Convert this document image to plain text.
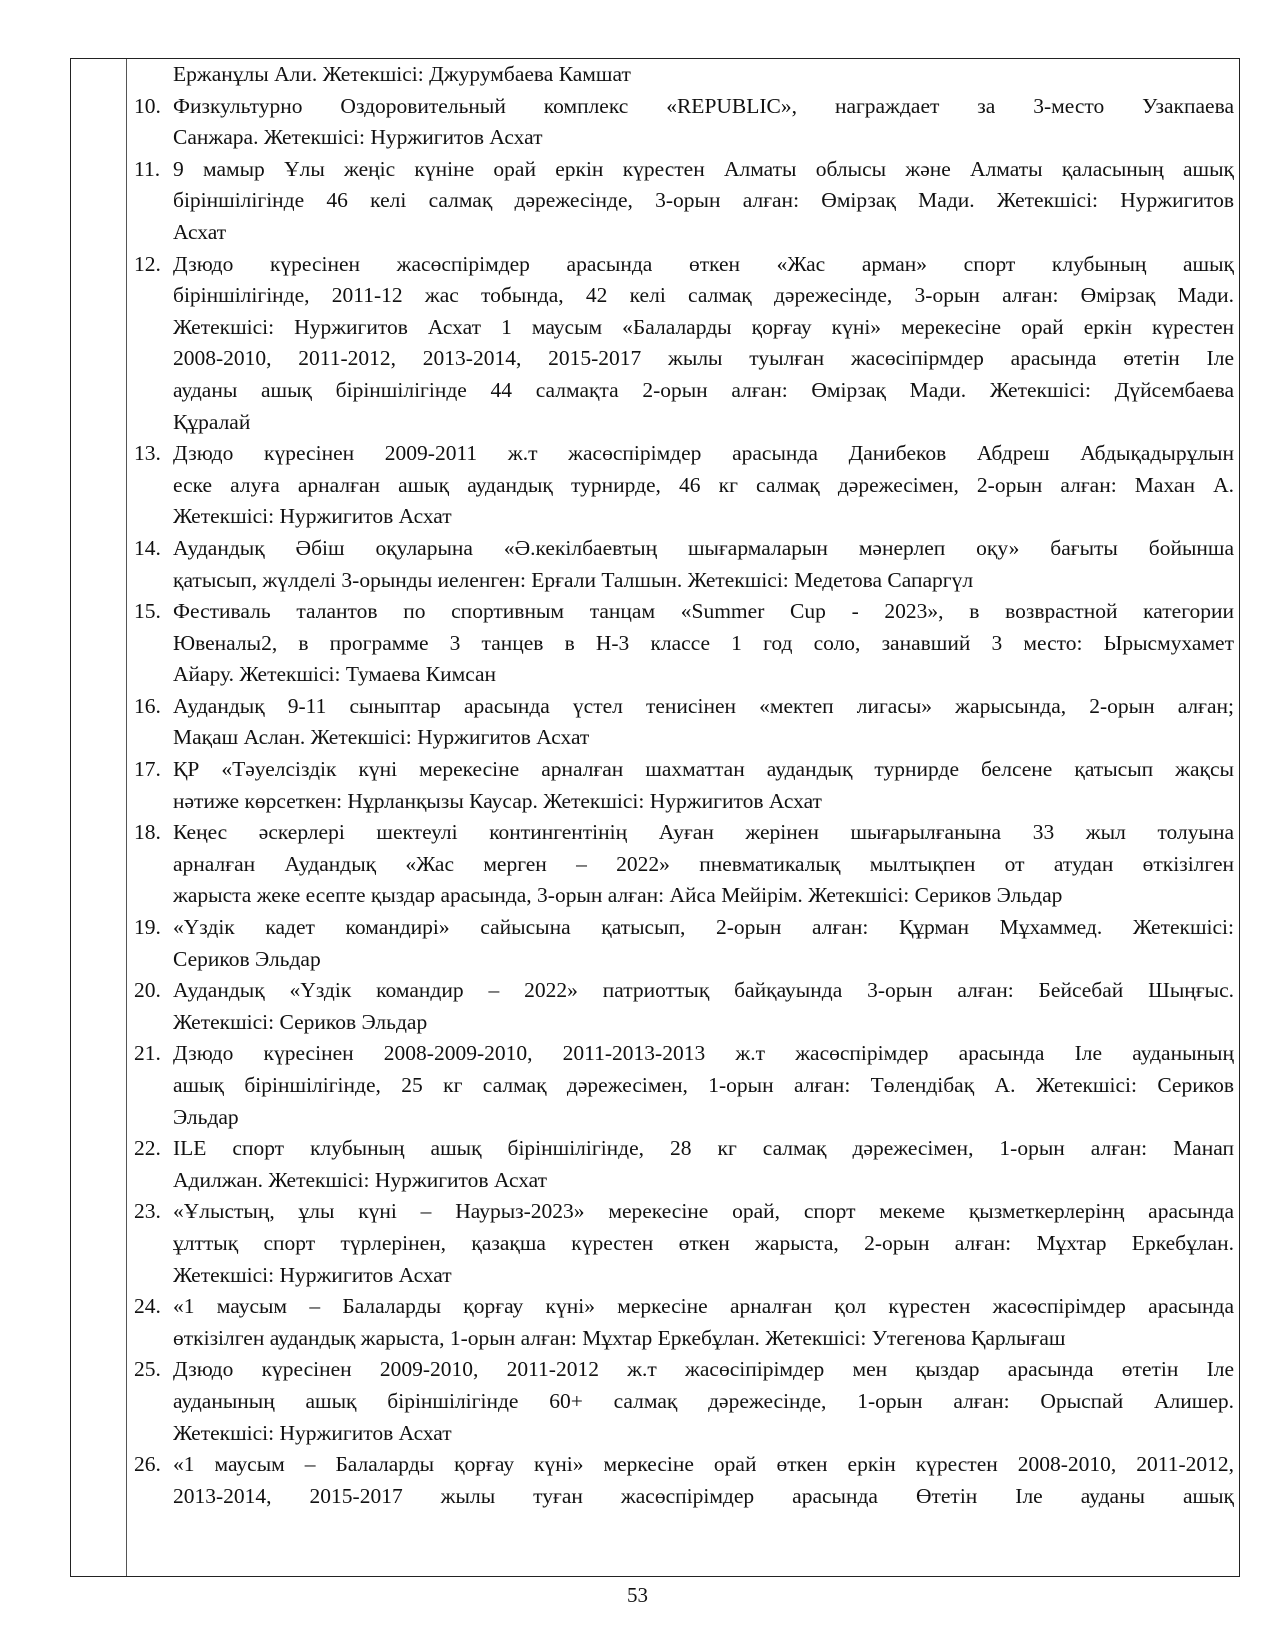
Ержанұлы Али. Жетекшісі: Джурумбаева Камшат
10. Физкультурно Оздоровительный комплекс «REPUBLIC», награждает за 3-место Узакпаева
Санжара. Жетекшісі: Нуржигитов Асхат
11. 9 мамыр Ұлы жеңіс күніне орай еркін күрестен Алматы облысы және Алматы қаласының ашық
біріншілігінде 46 келі салмақ дәрежесінде, 3-орын алған: Өмірзақ Мади. Жетекшісі: Нуржигитов
Асхат
12. Дзюдо күресінен жасөспірімдер арасында өткен «Жас арман» спорт клубының ашық
біріншілігінде, 2011-12 жас тобында, 42 келі салмақ дәрежесінде, 3-орын алған: Өмірзақ Мади.
Жетекшісі: Нуржигитов Асхат 1 маусым «Балаларды қорғау күні» мерекесіне орай еркін күрестен
2008-2010, 2011-2012, 2013-2014, 2015-2017 жылы туылған жасөсіпірмдер арасында өтетін Іле
ауданы ашық біріншілігінде 44 салмақта 2-орын алған: Өмірзақ Мади. Жетекшісі: Дүйсембаева
Құралай
13. Дзюдо күресінен 2009-2011 ж.т жасөспірімдер арасында Данибеков Абдреш Абдықадырұлын
еске алуға арналған ашық аудандық турнирде, 46 кг салмақ дәрежесімен, 2-орын алған: Махан А.
Жетекшісі: Нуржигитов Асхат
14. Аудандық Әбіш оқуларына «Ә.кекілбаевтың шығармаларын мәнерлеп оқу» бағыты бойынша
қатысып, жүлделі 3-орынды иеленген: Ерғали Талшын. Жетекшісі: Медетова Сапаргүл
15. Фестиваль талантов по спортивным танцам «Summer Cup - 2023», в возврастной категории
Ювеналы2, в программе 3 танцев в Н-3 классе 1 год соло, занавший 3 место: Ырысмухамет
Айару. Жетекшісі: Тумаева Кимсан
16. Аудандық 9-11 сыныптар арасында үстел тенисінен «мектеп лигасы» жарысында, 2-орын алған;
Мақаш Аслан. Жетекшісі: Нуржигитов Асхат
17. ҚР «Тәуелсіздік күні мерекесіне арналған шахматтан аудандық турнирде белсене қатысып жақсы
нәтиже көрсеткен: Нұрланқызы Каусар. Жетекшісі: Нуржигитов Асхат
18. Кеңес әскерлері шектеулі контингентінің Ауған жерінен шығарылғанына 33 жыл толуына
арналған Аудандық «Жас мерген – 2022» пневматикалық мылтықпен от атудан өткізілген
жарыста жеке есепте қыздар арасында, 3-орын алған: Айса Мейірім. Жетекшісі: Сериков Эльдар
19. «Үздік кадет командирі» сайысына қатысып, 2-орын алған: Құрман Мұхаммед. Жетекшісі:
Сериков Эльдар
20. Аудандық «Үздік командир – 2022» патриоттық байқауында 3-орын алған: Бейсебай Шыңғыс.
Жетекшісі: Сериков Эльдар
21. Дзюдо күресінен 2008-2009-2010, 2011-2013-2013 ж.т жасөспірімдер арасында Іле ауданының
ашық біріншілігінде, 25 кг салмақ дәрежесімен, 1-орын алған: Төлендібақ А. Жетекшісі: Сериков
Эльдар
22. ILE спорт клубының ашық біріншілігінде, 28 кг салмақ дәрежесімен, 1-орын алған: Манап
Адилжан. Жетекшісі: Нуржигитов Асхат
23. «Ұлыстың, ұлы күні – Наурыз-2023» мерекесіне орай, спорт мекеме қызметкерлерінң арасында
ұлттық спорт түрлерінен, қазақша күрестен өткен жарыста, 2-орын алған: Мұхтар Еркебұлан.
Жетекшісі: Нуржигитов Асхат
24. «1 маусым – Балаларды қорғау күні» меркесіне арналған қол күрестен жасөспірімдер арасында
өткізілген аудандық жарыста, 1-орын алған: Мұхтар Еркебұлан. Жетекшісі: Утегенова Қарлығаш
25. Дзюдо күресінен 2009-2010, 2011-2012 ж.т жасөсіпірімдер мен қыздар арасында өтетін Іле
ауданының ашық біріншілігінде 60+ салмақ дәрежесінде, 1-орын алған: Орыспай Алишер.
Жетекшісі: Нуржигитов Асхат
26. «1 маусым – Балаларды қорғау күні» меркесіне орай өткен еркін күрестен 2008-2010, 2011-2012,
2013-2014, 2015-2017 жылы туған жасөспірімдер арасында Өтетін Іле ауданы ашық
53
